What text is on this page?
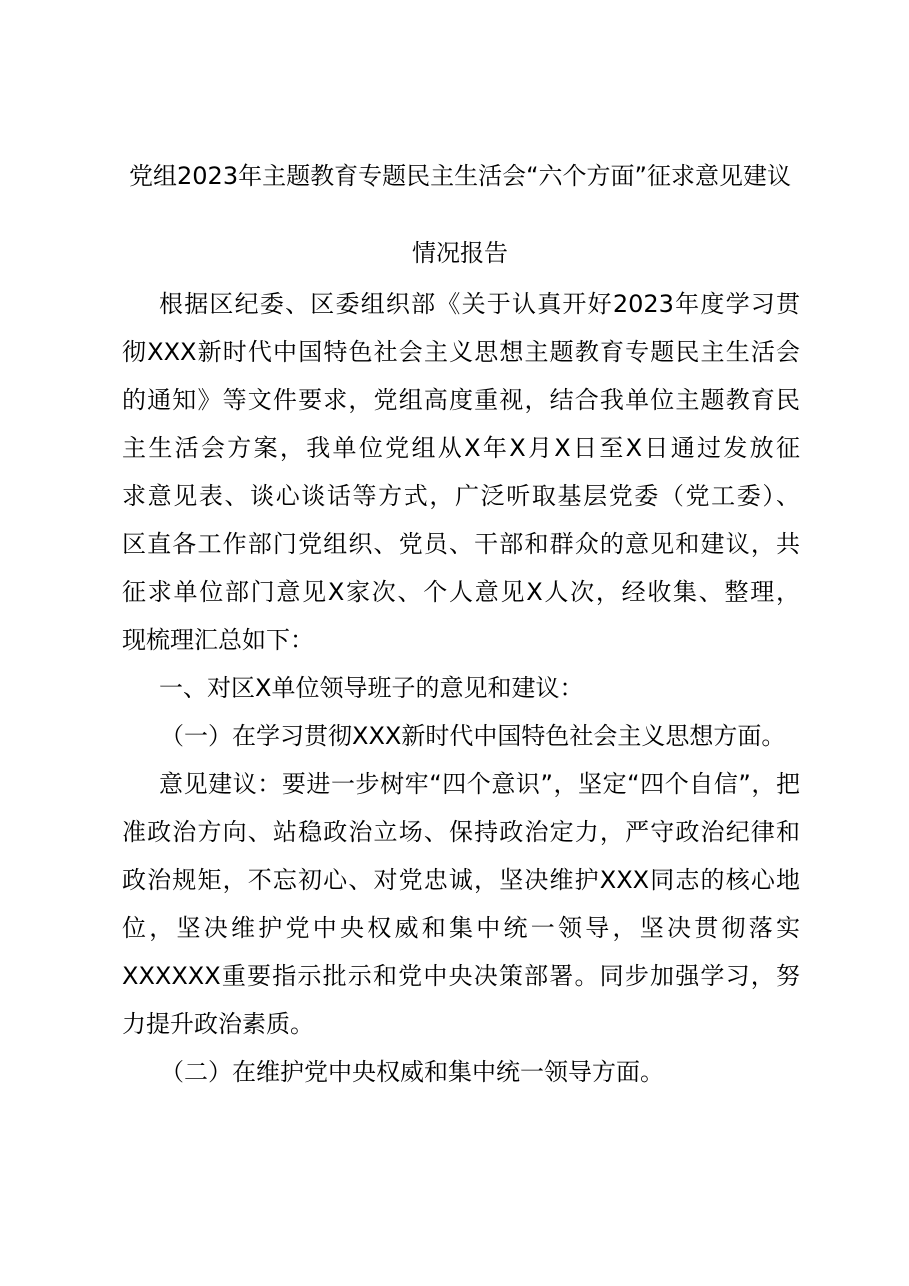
党组2023年主题教育专题民主生活会“六个方面”征求意见建议
情况报告
根据区纪委、区委组织部《关于认真开好2023年度学习贯
彻XXX新时代中国特色社会主义思想主题教育专题民主生活会
的通知》等文件要求，党组高度重视，结合我单位主题教育民
主生活会方案，我单位党组从X年X月X日至X日通过发放征
求意见表、谈心谈话等方式，广泛听取基层党委（党工委）、
区直各工作部门党组织、党员、干部和群众的意见和建议，共
征求单位部门意见X家次、个人意见X人次，经收集、整理，
现梳理汇总如下：
一、对区X单位领导班子的意见和建议：
（一）在学习贯彻XXX新时代中国特色社会主义思想方面。
意见建议：要进一步树牢“四个意识”，坚定“四个自信”，把
准政治方向、站稳政治立场、保持政治定力，严守政治纪律和
政治规矩，不忘初心、对党忠诚，坚决维护XXX同志的核心地
位，坚决维护党中央权威和集中统一领导，坚决贯彻落实
XXXXXX重要指示批示和党中央决策部署。同步加强学习，努
力提升政治素质。
（二）在维护党中央权威和集中统一领导方面。
